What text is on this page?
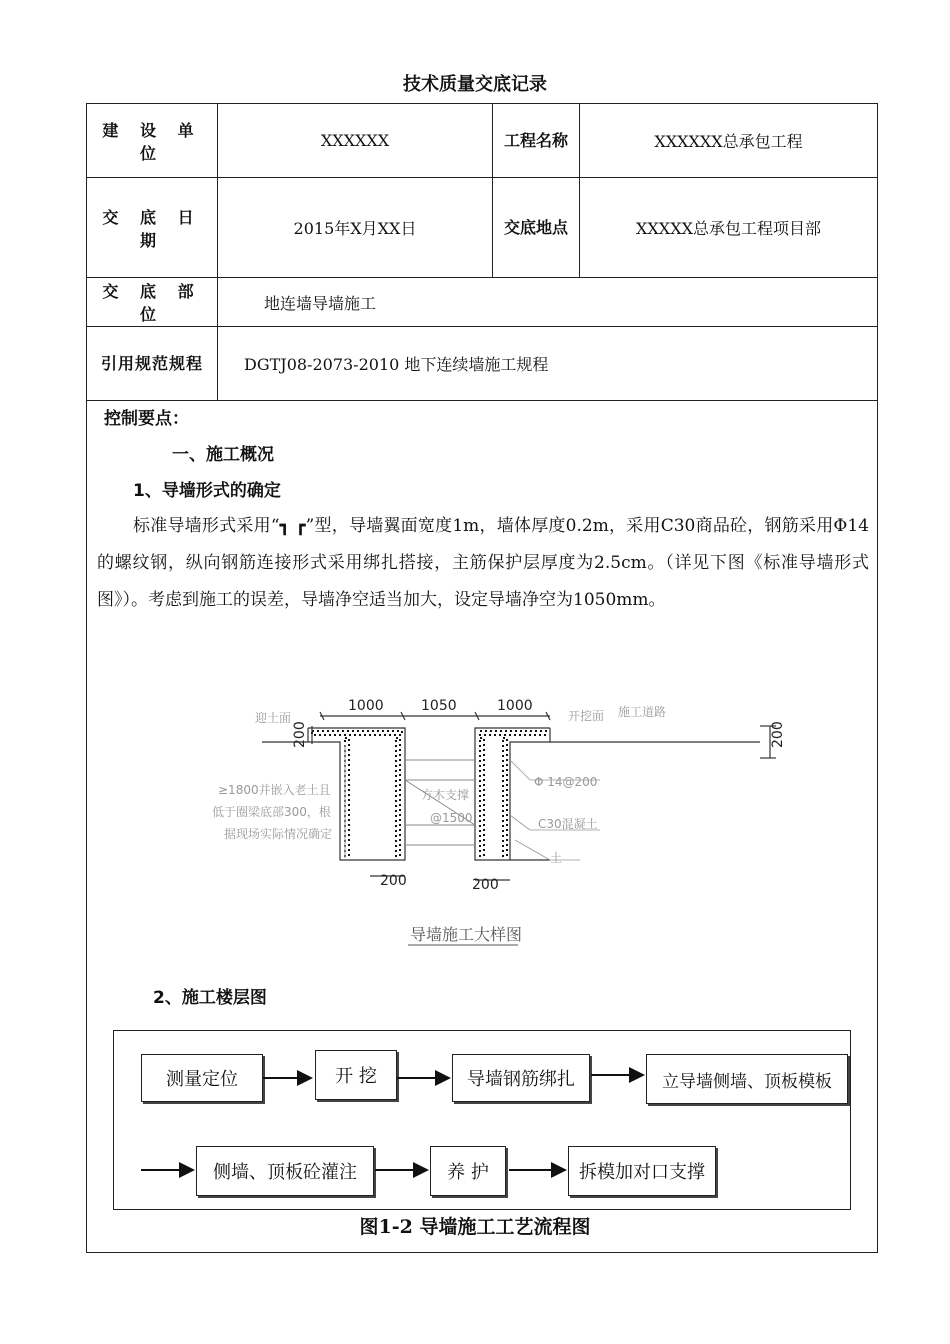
技术质量交底记录
建 设 单 位	XXXXXX	工程名称	XXXXXX总承包工程
交 底 日 期	2015年X月XX日	交底地点	XXXXX总承包工程项目部
交 底 部 位	地连墙导墙施工		
引用规范规程	DGTJ08-2073-2010 地下连续墙施工规程		
控制要点：
一、施工概况
1、导墙形式的确定
标准导墙形式采用“┓ ┏”型，导墙翼面宽度1m，墙体厚度0.2m，采用C30商品砼，钢筋采用Φ14的螺纹钢，纵向钢筋连接形式采用绑扎搭接，主筋保护层厚度为2.5cm。（详见下图《标准导墙形式图》）。考虑到施工的误差，导墙净空适当加大，设定导墙净空为1050mm。
1000	1050	1000
200	200
200	200
迎土面	开挖面 施工道路
≥1800并嵌入老土且
低于圈梁底部300，根
据现场实际情况确定
方木支撑
@1500
Φ 14@200
C30混凝土
土
导墙施工大样图
2、施工楼层图
测量定位	开 挖	导墙钢筋绑扎	立导墙侧墙、顶板模板
侧墙、顶板砼灌注	养 护	拆模加对口支撑
图1-2 导墙施工工艺流程图
